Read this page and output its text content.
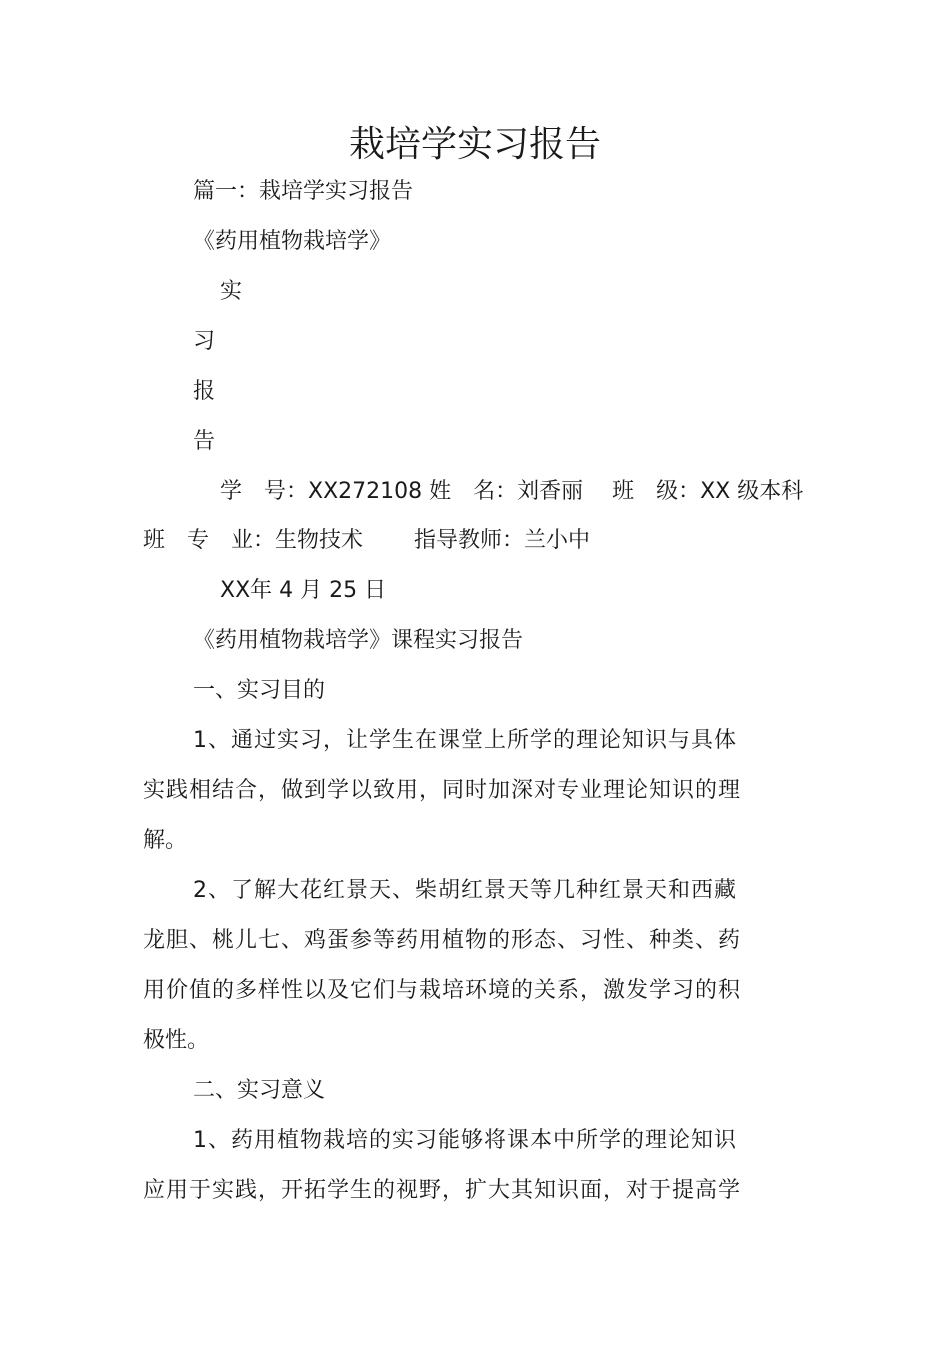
栽培学实习报告
篇一：栽培学实习报告
《药用植物栽培学》
实
习
报
告
学　号：XX272108 姓　名：刘香丽　 班　级：XX 级本科
班　专　业：生物技术　　 指导教师：兰小中
XX年 4 月 25 日
《药用植物栽培学》课程实习报告
一、实习目的
1、通过实习，让学生在课堂上所学的理论知识与具体
实践相结合，做到学以致用，同时加深对专业理论知识的理
解。
2、了解大花红景天、柴胡红景天等几种红景天和西藏
龙胆、桃儿七、鸡蛋参等药用植物的形态、习性、种类、药
用价值的多样性以及它们与栽培环境的关系，激发学习的积
极性。
二、实习意义
1、药用植物栽培的实习能够将课本中所学的理论知识
应用于实践，开拓学生的视野，扩大其知识面，对于提高学
